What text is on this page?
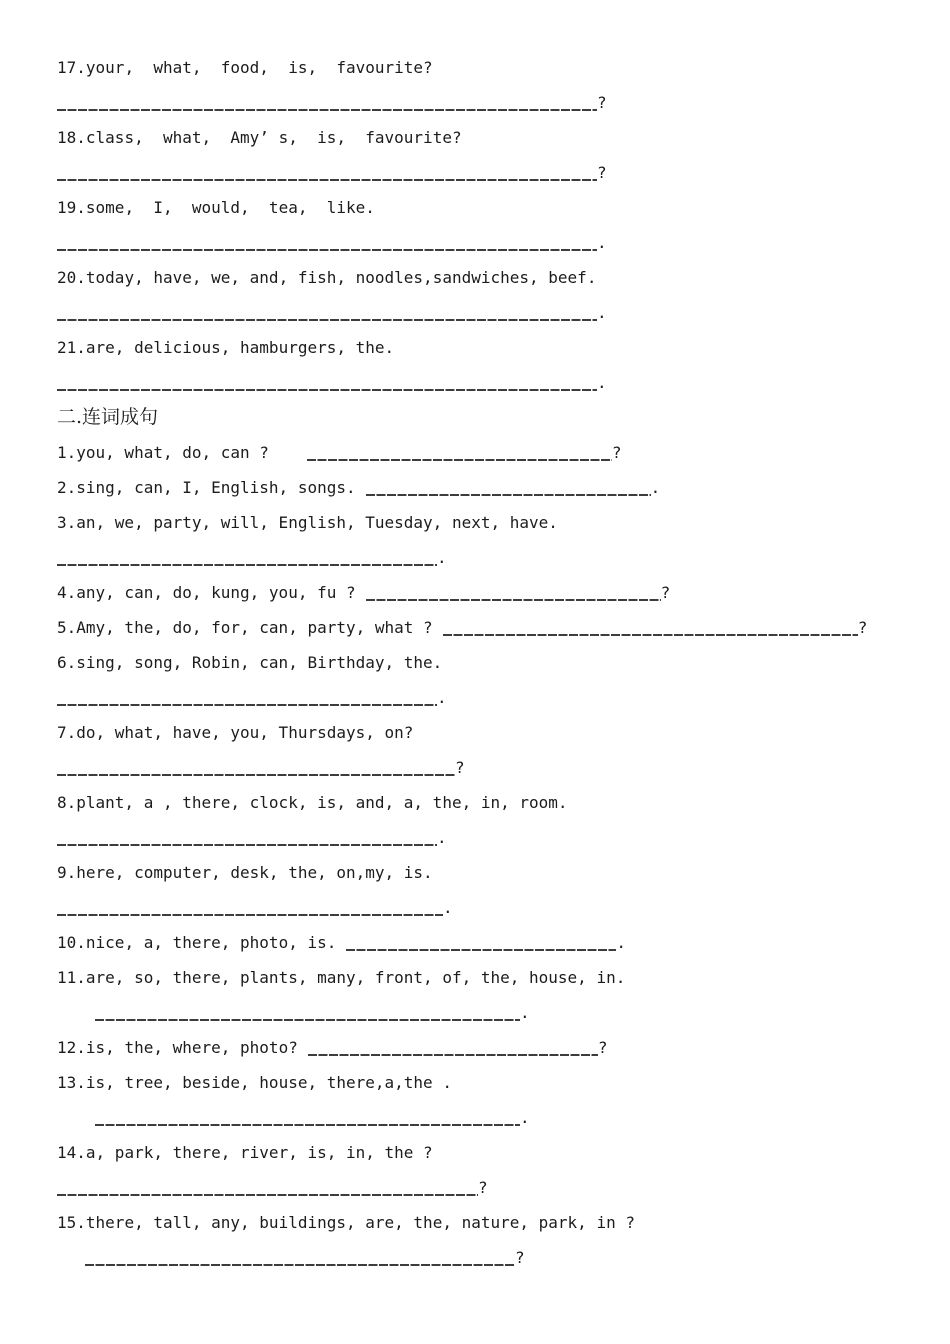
17.your,  what,  food,  is,  favourite?
?
18.class,  what,  Amy’ s,  is,  favourite?
?
19.some,  I,  would,  tea,  like.
.
20.today, have, we, and, fish, noodles,sandwiches, beef.
.
21.are, delicious, hamburgers, the.
.
二.连词成句
1.you, what, do, can ?	?
2.sing, can, I, English, songs.	.
3.an, we, party, will, English, Tuesday, next, have.
.
4.any, can, do, kung, you, fu ?	?
5.Amy, the, do, for, can, party, what ?	?
6.sing, song, Robin, can, Birthday, the.
.
7.do, what, have, you, Thursdays, on?
?
8.plant, a , there, clock, is, and, a, the, in, room.
.
9.here, computer, desk, the, on,my, is.
.
10.nice, a, there, photo, is.	.
11.are, so, there, plants, many, front, of, the, house, in.
.
12.is, the, where, photo?	?
13.is, tree, beside, house, there,a,the .
.
14.a, park, there, river, is, in, the ?
?
15.there, tall, any, buildings, are, the, nature, park, in ?
?
